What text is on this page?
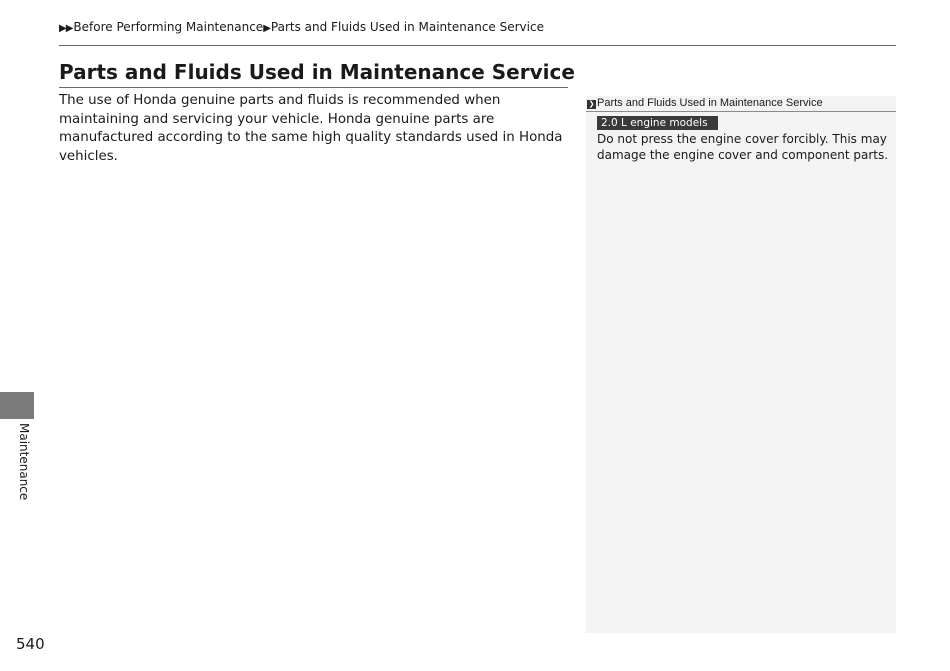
▶▶Before Performing Maintenance▶Parts and Fluids Used in Maintenance Service
Parts and Fluids Used in Maintenance Service

The use of Honda genuine parts and fluids is recommended when maintaining and servicing your vehicle. Honda genuine parts are manufactured according to the same high quality standards used in Honda vehicles.

❯ Parts and Fluids Used in Maintenance Service
2.0 L engine models

Do not press the engine cover forcibly. This may damage the engine cover and component parts.

Maintenance
540
